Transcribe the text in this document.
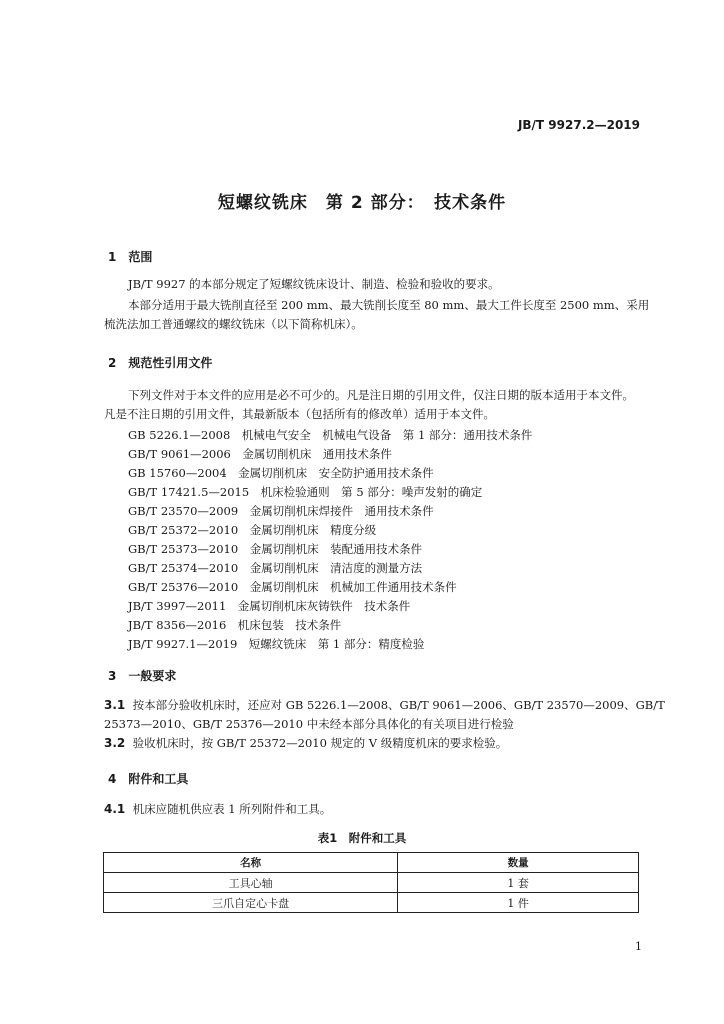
JB/T 9927.2—2019
短螺纹铣床　第 2 部分：　技术条件
1　范围
JB/T 9927 的本部分规定了短螺纹铣床设计、制造、检验和验收的要求。
本部分适用于最大铣削直径至 200 mm、最大铣削长度至 80 mm、最大工件长度至 2500 mm、采用
梳洗法加工普通螺纹的螺纹铣床（以下简称机床）。
2　规范性引用文件
下列文件对于本文件的应用是必不可少的。凡是注日期的引用文件，仅注日期的版本适用于本文件。
凡是不注日期的引用文件，其最新版本（包括所有的修改单）适用于本文件。
GB 5226.1—2008　机械电气安全　机械电气设备　第 1 部分：通用技术条件
GB/T 9061—2006　金属切削机床　通用技术条件
GB 15760—2004　金属切削机床　安全防护通用技术条件
GB/T 17421.5—2015　机床检验通则　第 5 部分：噪声发射的确定
GB/T 23570—2009　金属切削机床焊接件　通用技术条件
GB/T 25372—2010　金属切削机床　精度分级
GB/T 25373—2010　金属切削机床　装配通用技术条件
GB/T 25374—2010　金属切削机床　清洁度的测量方法
GB/T 25376—2010　金属切削机床　机械加工件通用技术条件
JB/T 3997—2011　金属切削机床灰铸铁件　技术条件
JB/T 8356—2016　机床包装　技术条件
JB/T 9927.1—2019　短螺纹铣床　第 1 部分：精度检验
3　一般要求
3.1 按本部分验收机床时，还应对 GB 5226.1—2008、GB/T 9061—2006、GB/T 23570—2009、GB/T
25373—2010、GB/T 25376—2010 中未经本部分具体化的有关项目进行检验
3.2 验收机床时，按 GB/T 25372—2010 规定的 V 级精度机床的要求检验。
4　附件和工具
4.1 机床应随机供应表 1 所列附件和工具。
表1　附件和工具
名称	数量
工具心轴	1 套
三爪自定心卡盘	1 件
1
